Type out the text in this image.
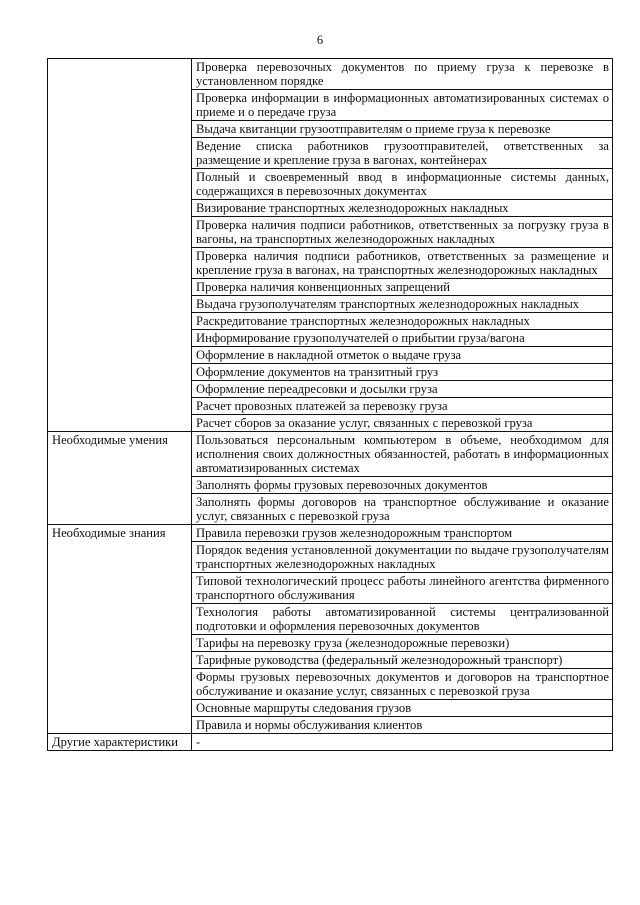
6
	Проверка перевозочных документов по приему груза к перевозке в установленном порядке
	Проверка информации в информационных автоматизированных системах о приеме и о передаче груза
	Выдача квитанции грузоотправителям о приеме груза к перевозке
	Ведение списка работников грузоотправителей, ответственных за размещение и крепление груза в вагонах, контейнерах
	Полный и своевременный ввод в информационные системы данных, содержащихся в перевозочных документах
	Визирование транспортных железнодорожных накладных
	Проверка наличия подписи работников, ответственных за погрузку груза в вагоны, на транспортных железнодорожных накладных
	Проверка наличия подписи работников, ответственных за размещение и крепление груза в вагонах, на транспортных железнодорожных накладных
	Проверка наличия конвенционных запрещений
	Выдача грузополучателям транспортных железнодорожных накладных
	Раскредитование транспортных железнодорожных накладных
	Информирование грузополучателей о прибытии груза/вагона
	Оформление в накладной отметок о выдаче груза
	Оформление документов на транзитный груз
	Оформление переадресовки и досылки груза
	Расчет провозных платежей за перевозку груза
	Расчет сборов за оказание услуг, связанных с перевозкой груза
Необходимые умения	Пользоваться персональным компьютером в объеме, необходимом для исполнения своих должностных обязанностей, работать в информационных автоматизированных системах
	Заполнять формы грузовых перевозочных документов
	Заполнять формы договоров на транспортное обслуживание и оказание услуг, связанных с перевозкой груза
Необходимые знания	Правила перевозки грузов железнодорожным транспортом
	Порядок ведения установленной документации по выдаче грузополучателям транспортных железнодорожных накладных
	Типовой технологический процесс работы линейного агентства фирменного транспортного обслуживания
	Технология работы автоматизированной системы централизованной подготовки и оформления перевозочных документов
	Тарифы на перевозку груза (железнодорожные перевозки)
	Тарифные руководства (федеральный железнодорожный транспорт)
	Формы грузовых перевозочных документов и договоров на транспортное обслуживание и оказание услуг, связанных с перевозкой груза
	Основные маршруты следования грузов
	Правила и нормы обслуживания клиентов
Другие характеристики	-
